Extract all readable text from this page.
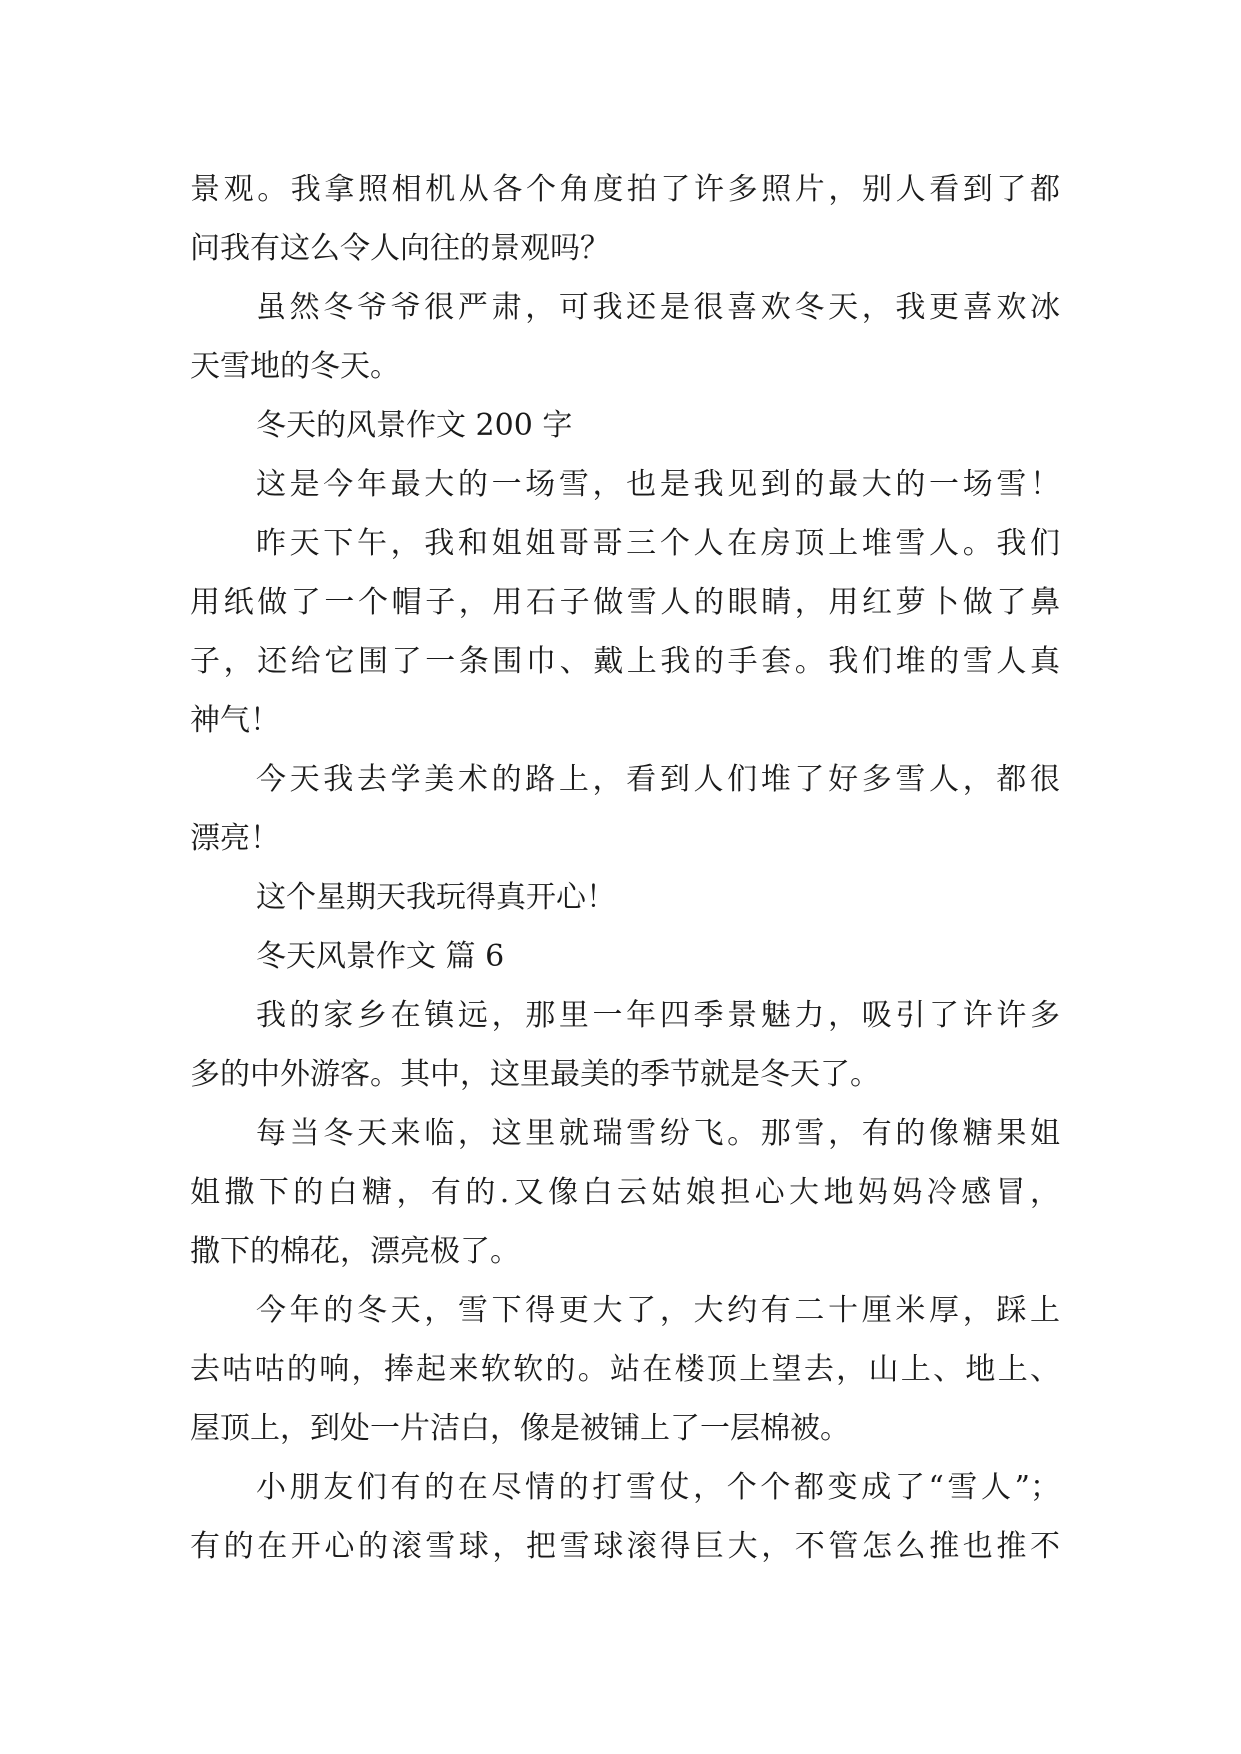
景观。我拿照相机从各个角度拍了许多照片，别人看到了都
问我有这么令人向往的景观吗？
虽然冬爷爷很严肃，可我还是很喜欢冬天，我更喜欢冰
天雪地的冬天。
冬天的风景作文 200 字
这是今年最大的一场雪，也是我见到的最大的一场雪！
昨天下午，我和姐姐哥哥三个人在房顶上堆雪人。我们
用纸做了一个帽子，用石子做雪人的眼睛，用红萝卜做了鼻
子，还给它围了一条围巾、戴上我的手套。我们堆的雪人真
神气！
今天我去学美术的路上，看到人们堆了好多雪人，都很
漂亮！
这个星期天我玩得真开心！
冬天风景作文 篇 6
我的家乡在镇远，那里一年四季景魅力，吸引了许许多
多的中外游客。其中，这里最美的季节就是冬天了。
每当冬天来临，这里就瑞雪纷飞。那雪，有的像糖果姐
姐撒下的白糖，有的.又像白云姑娘担心大地妈妈冷感冒，
撒下的棉花，漂亮极了。
今年的冬天，雪下得更大了，大约有二十厘米厚，踩上
去咕咕的响，捧起来软软的。站在楼顶上望去，山上、地上、
屋顶上，到处一片洁白，像是被铺上了一层棉被。
小朋友们有的在尽情的打雪仗，个个都变成了“雪人”；
有的在开心的滚雪球，把雪球滚得巨大，不管怎么推也推不
